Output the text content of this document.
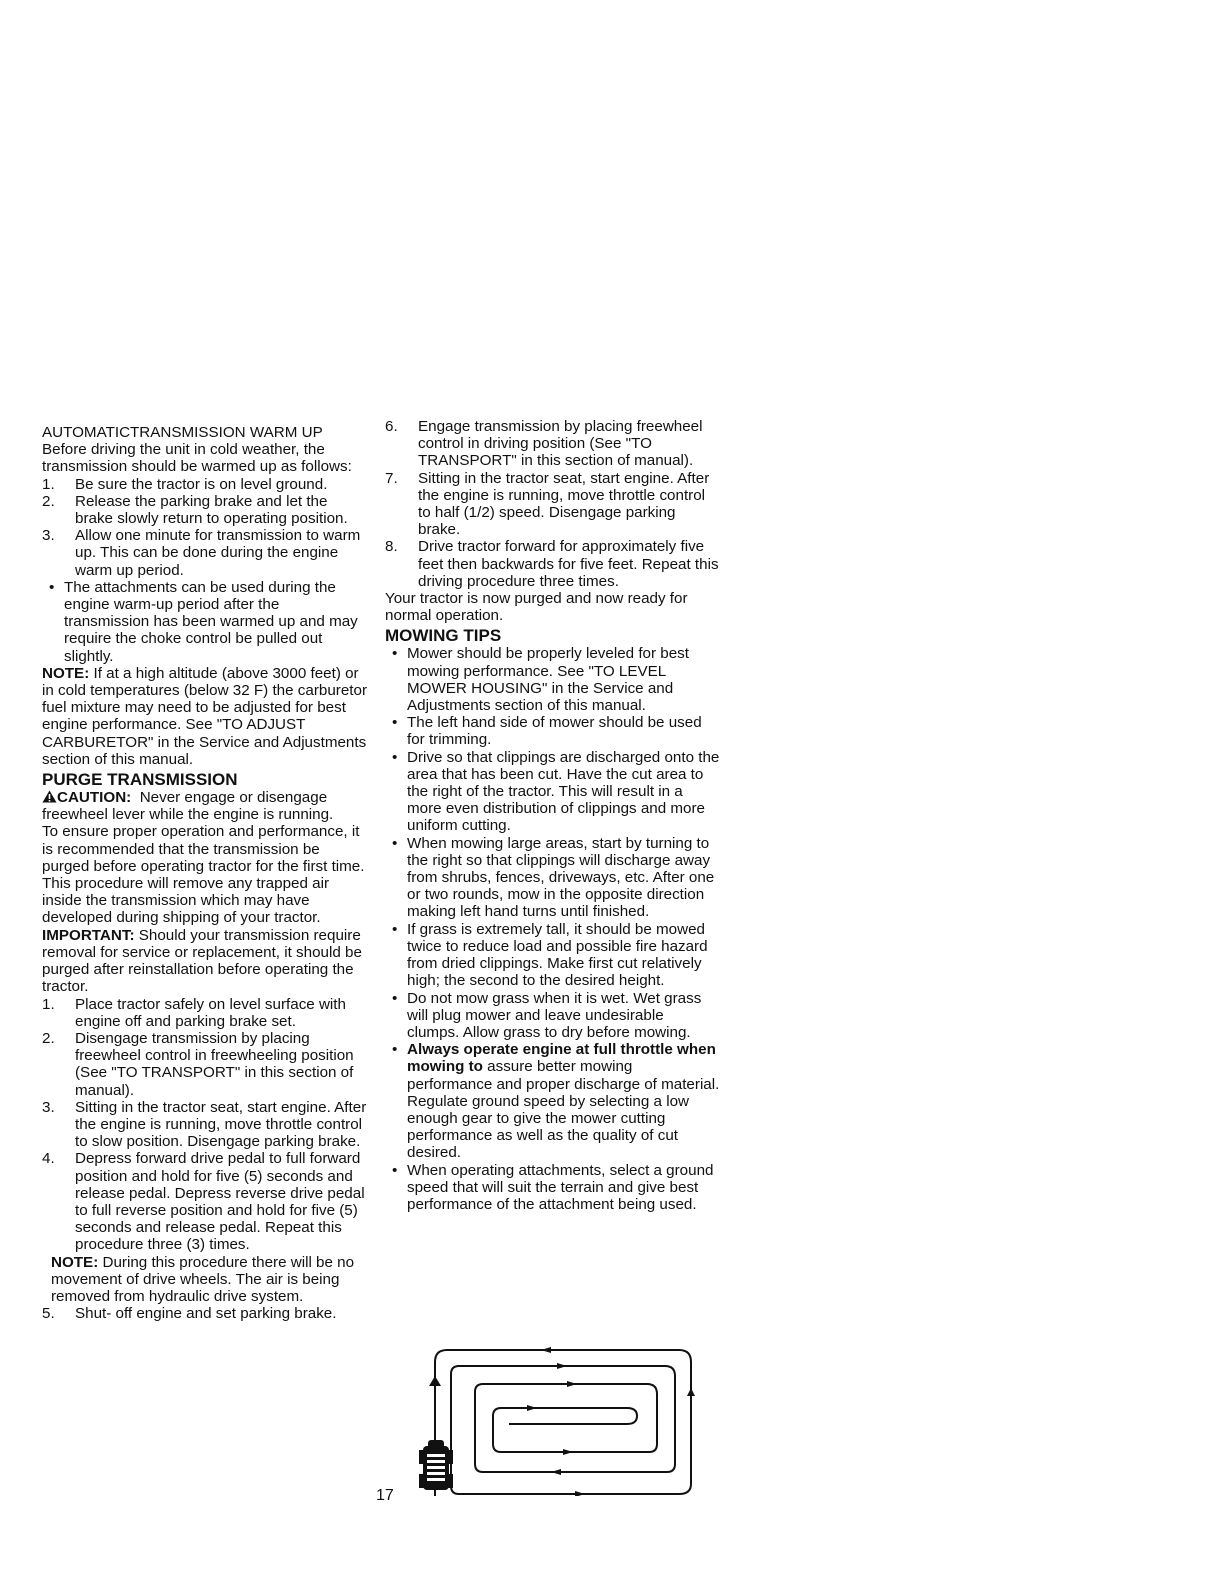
AUTOMATICTRANSMISSION WARM UP

Before driving the unit in cold weather, the transmission should be warmed up as follows:

1. Be sure the tractor is on level ground.
2. Release the parking brake and let the brake slowly return to operating position.
3. Allow one minute for transmission to warm up. This can be done during the engine warm up period.
• The attachments can be used during the engine warm-up period after the transmission has been warmed up and may require the choke control be pulled out slightly.

NOTE: If at a high altitude (above 3000 feet) or in cold temperatures (below 32 F) the carburetor fuel mixture may need to be adjusted for best engine performance. See "TO ADJUST CARBURETOR" in the Service and Adjustments section of this manual.

PURGE TRANSMISSION

CAUTION: Never engage or disengage freewheel lever while the engine is running.

To ensure proper operation and performance, it is recommended that the transmission be purged before operating tractor for the first time. This procedure will remove any trapped air inside the transmission which may have developed during shipping of your tractor.

IMPORTANT: Should your transmission require removal for service or replacement, it should be purged after reinstallation before operating the tractor.

1. Place tractor safely on level surface with engine off and parking brake set.
2. Disengage transmission by placing freewheel control in freewheeling position (See "TO TRANSPORT" in this section of manual).
3. Sitting in the tractor seat, start engine. After the engine is running, move throttle control to slow position. Disengage parking brake.
4. Depress forward drive pedal to full forward position and hold for five (5) seconds and release pedal. Depress reverse drive pedal to full reverse position and hold for five (5) seconds and release pedal. Repeat this procedure three (3) times.

NOTE: During this procedure there will be no movement of drive wheels. The air is being removed from hydraulic drive system.

5. Shut- off engine and set parking brake.
6. Engage transmission by placing freewheel control in driving position (See "TO TRANSPORT" in this section of manual).
7. Sitting in the tractor seat, start engine. After the engine is running, move throttle control to half (1/2) speed. Disengage parking brake.
8. Drive tractor forward for approximately five feet then backwards for five feet. Repeat this driving procedure three times.

Your tractor is now purged and now ready for normal operation.

MOWING TIPS

• Mower should be properly leveled for best mowing performance. See "TO LEVEL MOWER HOUSING" in the Service and Adjustments section of this manual.
• The left hand side of mower should be used for trimming.
• Drive so that clippings are discharged onto the area that has been cut. Have the cut area to the right of the tractor. This will result in a more even distribution of clippings and more uniform cutting.
• When mowing large areas, start by turning to the right so that clippings will discharge away from shrubs, fences, driveways, etc. After one or two rounds, mow in the opposite direction making left hand turns until finished.
• If grass is extremely tall, it should be mowed twice to reduce load and possible fire hazard from dried clippings. Make first cut relatively high; the second to the desired height.
• Do not mow grass when it is wet. Wet grass will plug mower and leave undesirable clumps. Allow grass to dry before mowing.
• Always operate engine at full throttle when mowing to assure better mowing performance and proper discharge of material. Regulate ground speed by selecting a low enough gear to give the mower cutting performance as well as the quality of cut desired.
• When operating attachments, select a ground speed that will suit the terrain and give best performance of the attachment being used.
17
